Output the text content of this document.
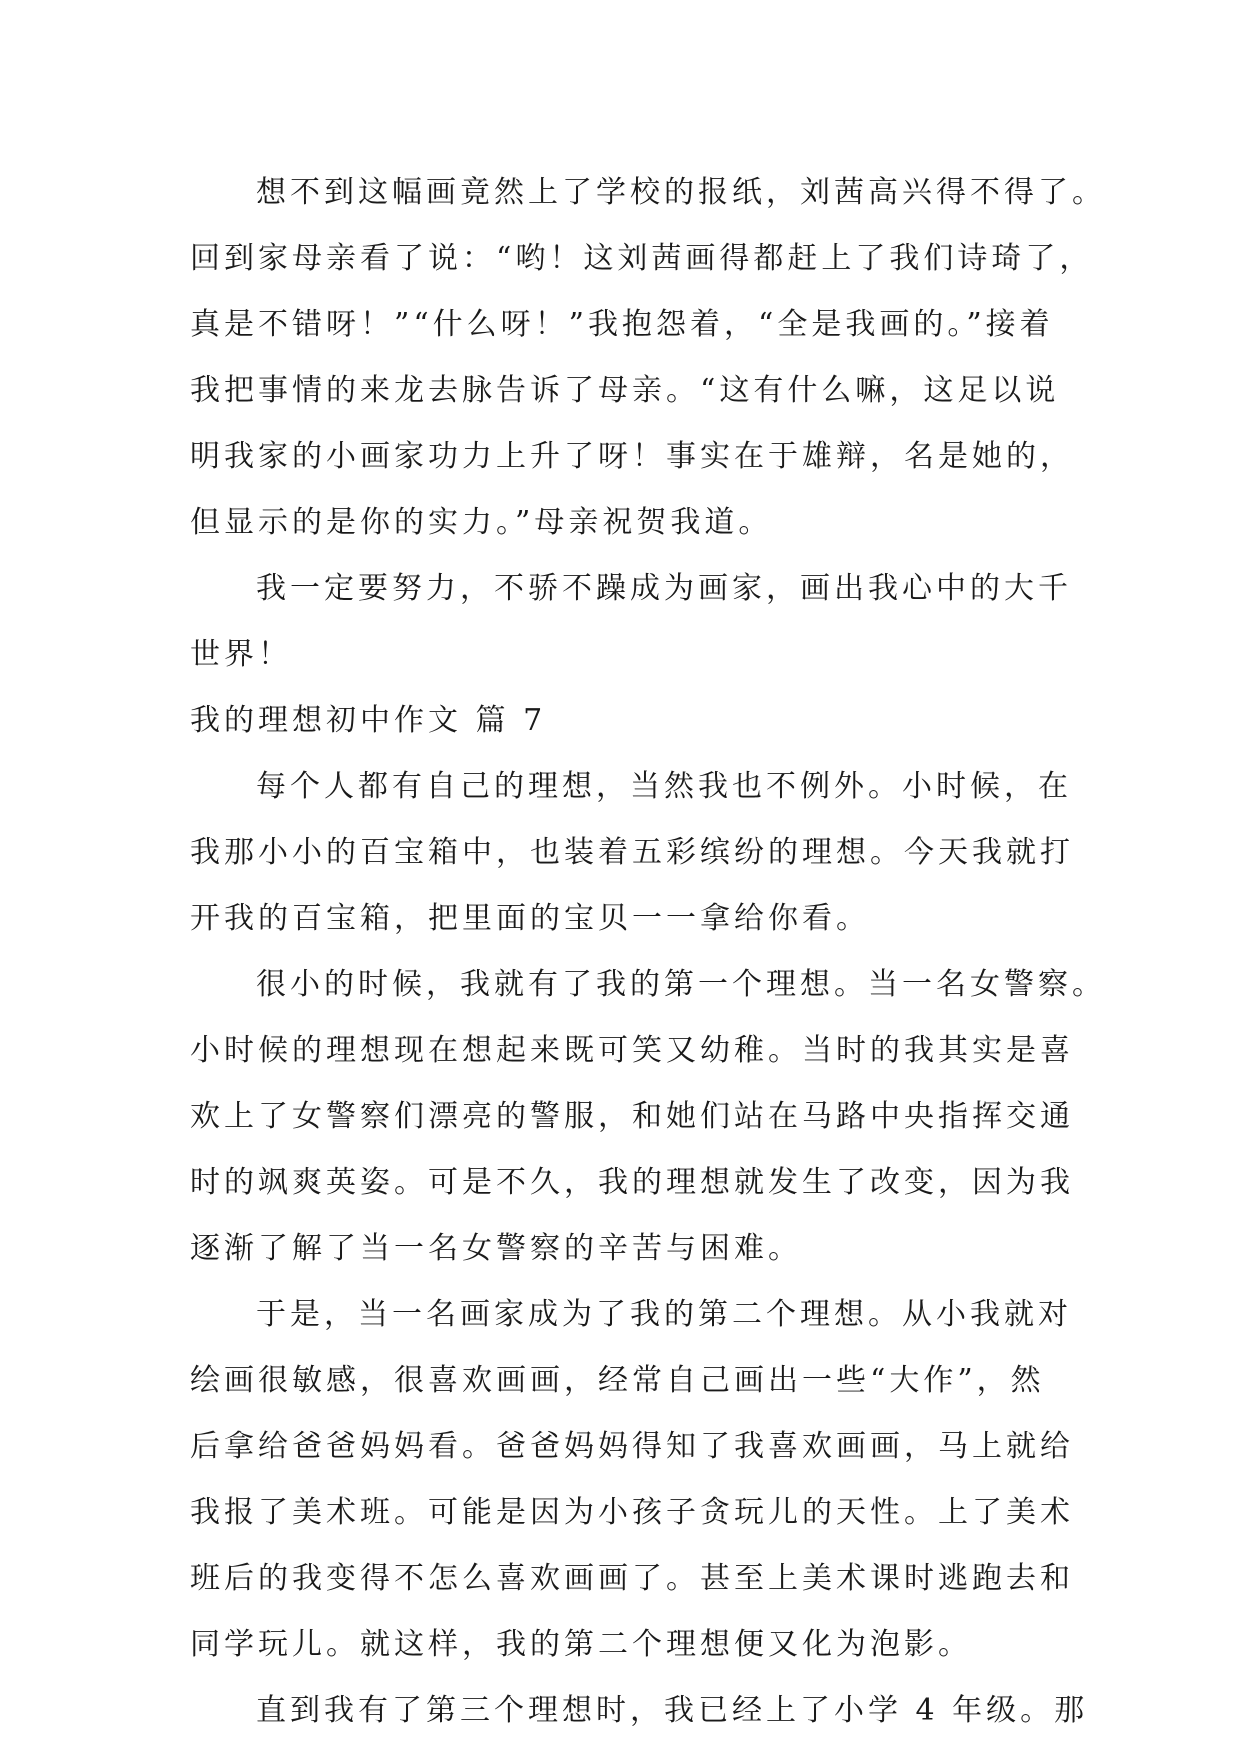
想不到这幅画竟然上了学校的报纸，刘茜高兴得不得了。
回到家母亲看了说：“哟！这刘茜画得都赶上了我们诗琦了，
真是不错呀！”“什么呀！”我抱怨着，“全是我画的。”接着
我把事情的来龙去脉告诉了母亲。“这有什么嘛，这足以说
明我家的小画家功力上升了呀！事实在于雄辩，名是她的，
但显示的是你的实力。”母亲祝贺我道。
我一定要努力，不骄不躁成为画家，画出我心中的大千
世界！
我的理想初中作文 篇 7
每个人都有自己的理想，当然我也不例外。小时候，在
我那小小的百宝箱中，也装着五彩缤纷的理想。今天我就打
开我的百宝箱，把里面的宝贝一一拿给你看。
很小的时候，我就有了我的第一个理想。当一名女警察。
小时候的理想现在想起来既可笑又幼稚。当时的我其实是喜
欢上了女警察们漂亮的警服，和她们站在马路中央指挥交通
时的飒爽英姿。可是不久，我的理想就发生了改变，因为我
逐渐了解了当一名女警察的辛苦与困难。
于是，当一名画家成为了我的第二个理想。从小我就对
绘画很敏感，很喜欢画画，经常自己画出一些“大作”，然
后拿给爸爸妈妈看。爸爸妈妈得知了我喜欢画画，马上就给
我报了美术班。可能是因为小孩子贪玩儿的天性。上了美术
班后的我变得不怎么喜欢画画了。甚至上美术课时逃跑去和
同学玩儿。就这样，我的第二个理想便又化为泡影。
直到我有了第三个理想时，我已经上了小学 4 年级。那
